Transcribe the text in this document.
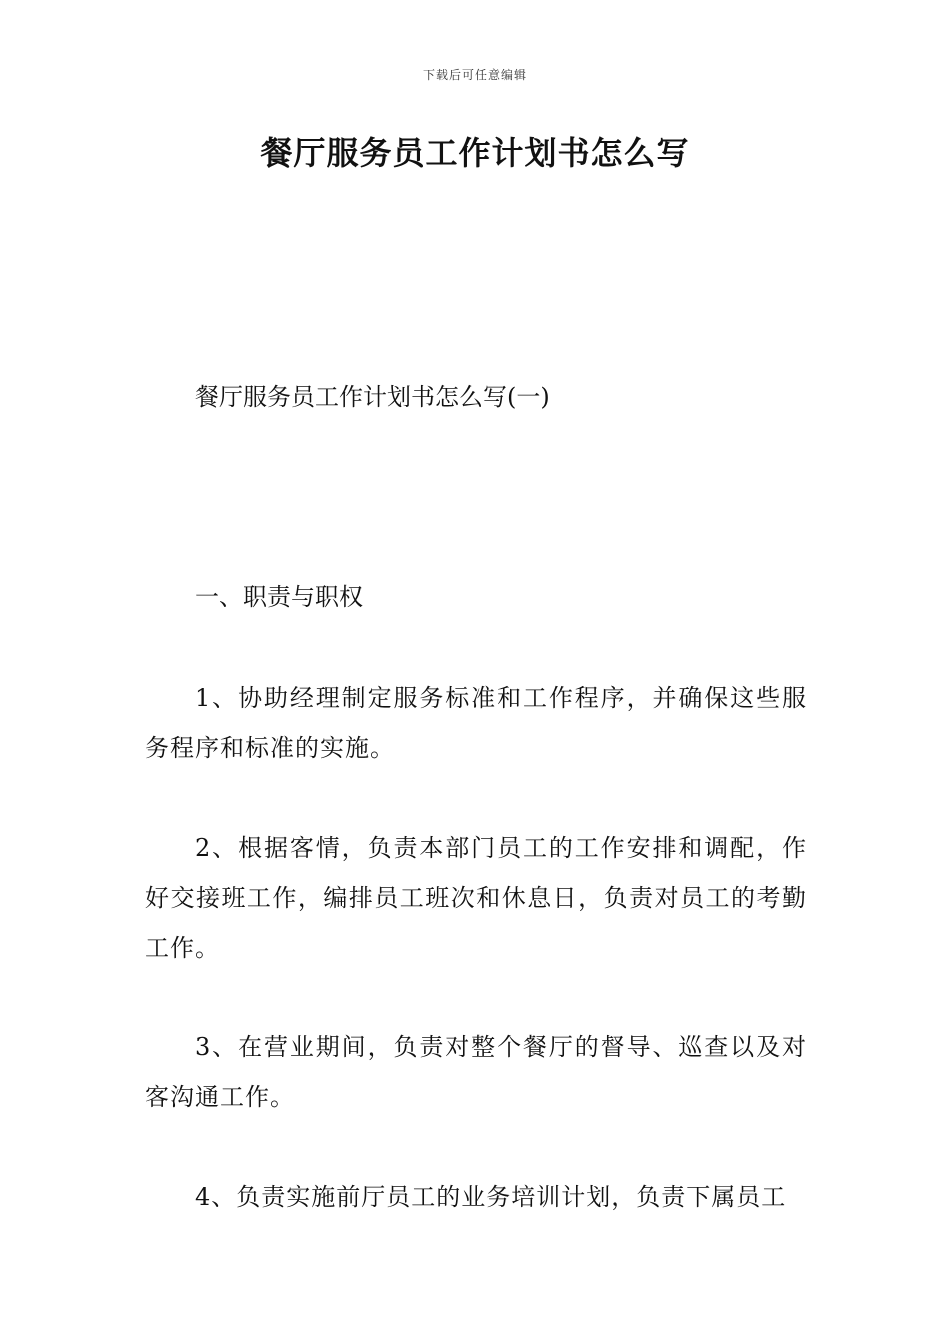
下载后可任意编辑
餐厅服务员工作计划书怎么写

餐厅服务员工作计划书怎么写(一)

一、职责与职权

1、协助经理制定服务标准和工作程序，并确保这些服务程序和标准的实施。

2、根据客情，负责本部门员工的工作安排和调配，作好交接班工作，编排员工班次和休息日，负责对员工的考勤工作。

3、在营业期间，负责对整个餐厅的督导、巡查以及对客沟通工作。

4、负责实施前厅员工的业务培训计划，负责下属员工
